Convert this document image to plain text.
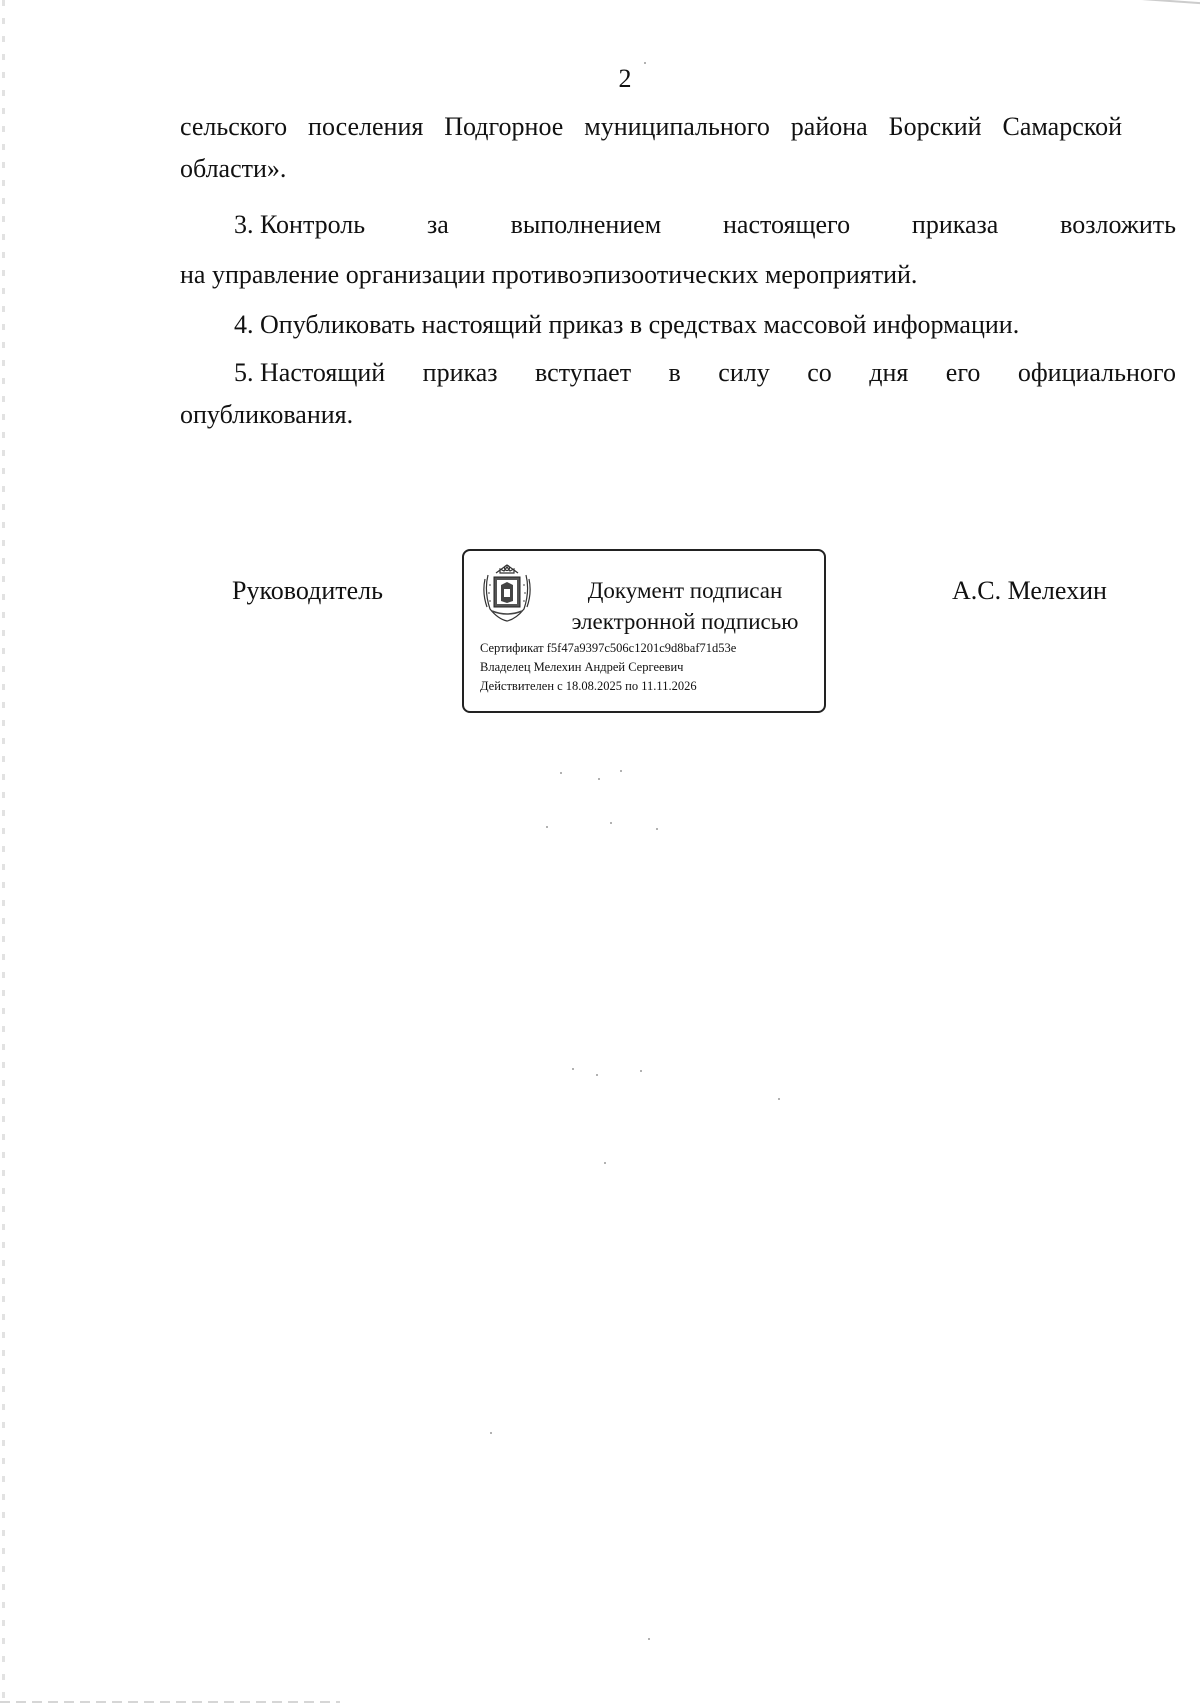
2

сельского поселения Подгорное муниципального района Борский Самарской

области».

3. Контроль за выполнением настоящего приказа возложить

на управление организации противоэпизоотических мероприятий.

4. Опубликовать настоящий приказ в средствах массовой информации.

5. Настоящий приказ вступает в силу со дня его официального

опубликования.

Руководитель	А.С. Мелехин
Документ подписан
электронной подписью
Сертификат f5f47a9397c506c1201c9d8baf71d53e
Владелец Мелехин Андрей Сергеевич
Действителен с 18.08.2025 по 11.11.2026
